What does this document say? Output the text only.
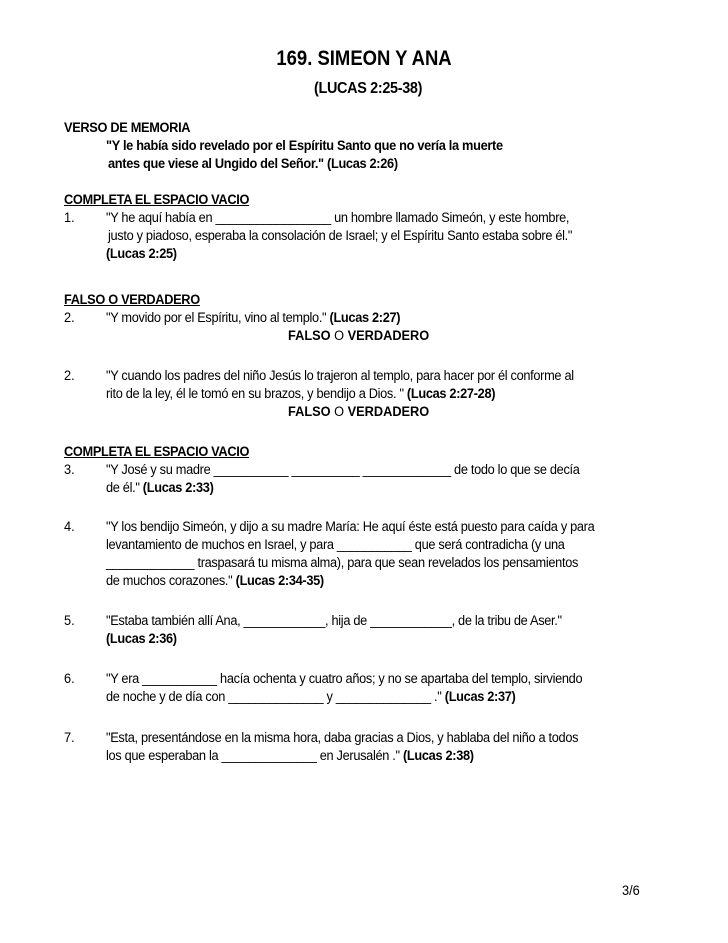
169. SIMEON Y ANA
(LUCAS 2:25-38)
VERSO DE MEMORIA
"Y le había sido revelado por el Espíritu Santo que no vería la muerte
antes que viese al Ungido del Señor." (Lucas 2:26)
COMPLETA EL ESPACIO VACIO
1. "Y he aquí había en _________________ un hombre llamado Simeón, y este hombre,
justo y piadoso, esperaba la consolación de Israel; y el Espíritu Santo estaba sobre él."
(Lucas 2:25)
FALSO O VERDADERO
2. "Y movido por el Espíritu, vino al templo." (Lucas 2:27)
FALSO O VERDADERO
2. "Y cuando los padres del niño Jesús lo trajeron al templo, para hacer por él conforme al
rito de la ley, él le tomó en su brazos, y bendijo a Dios. " (Lucas 2:27-28)
FALSO O VERDADERO
COMPLETA EL ESPACIO VACIO
3. "Y José y su madre ___________ __________ _____________ de todo lo que se decía
de él." (Lucas 2:33)
4. "Y los bendijo Simeón, y dijo a su madre María: He aquí éste está puesto para caída y para
levantamiento de muchos en Israel, y para ___________ que será contradicha (y una
_____________ traspasará tu misma alma), para que sean revelados los pensamientos
de muchos corazones." (Lucas 2:34-35)
5. "Estaba también allí Ana, ____________, hija de ____________, de la tribu de Aser."
(Lucas 2:36)
6. "Y era ___________ hacía ochenta y cuatro años; y no se apartaba del templo, sirviendo
de noche y de día con ______________ y ______________ ." (Lucas 2:37)
7. "Esta, presentándose en la misma hora, daba gracias a Dios, y hablaba del niño a todos
los que esperaban la ______________ en Jerusalén ." (Lucas 2:38)
3/6
